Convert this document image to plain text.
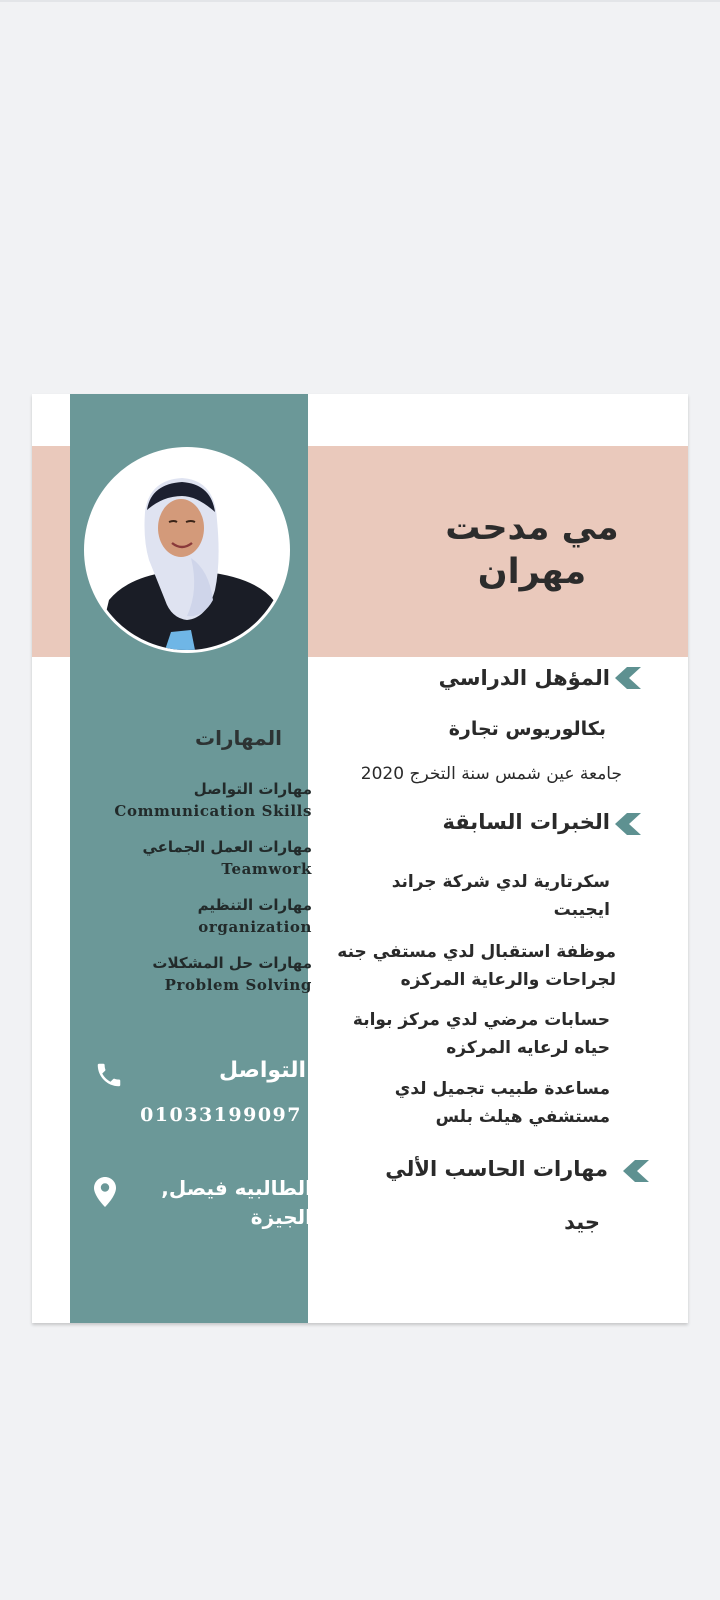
مي مدحت مهران
المؤهل الدراسي
بكالوريوس تجارة
جامعة عين شمس سنة التخرج 2020
الخبرات السابقة
سكرتارية لدي شركة جراند ايجيبت
موظفة استقبال لدي مستفي جنه لجراحات والرعاية المركزه
حسابات مرضي لدي مركز بوابة حياه لرعايه المركزه
مساعدة طبيب تجميل لدي مستشفي هيلث بلس
مهارات الحاسب الألي
جيد
المهارات
مهارات التواصل
Communication Skills
مهارات العمل الجماعي
Teamwork
مهارات التنظيم
organization
مهارات حل المشكلات
Problem Solving
التواصل
01033199097
الطالبيه فيصل, الجيزة
